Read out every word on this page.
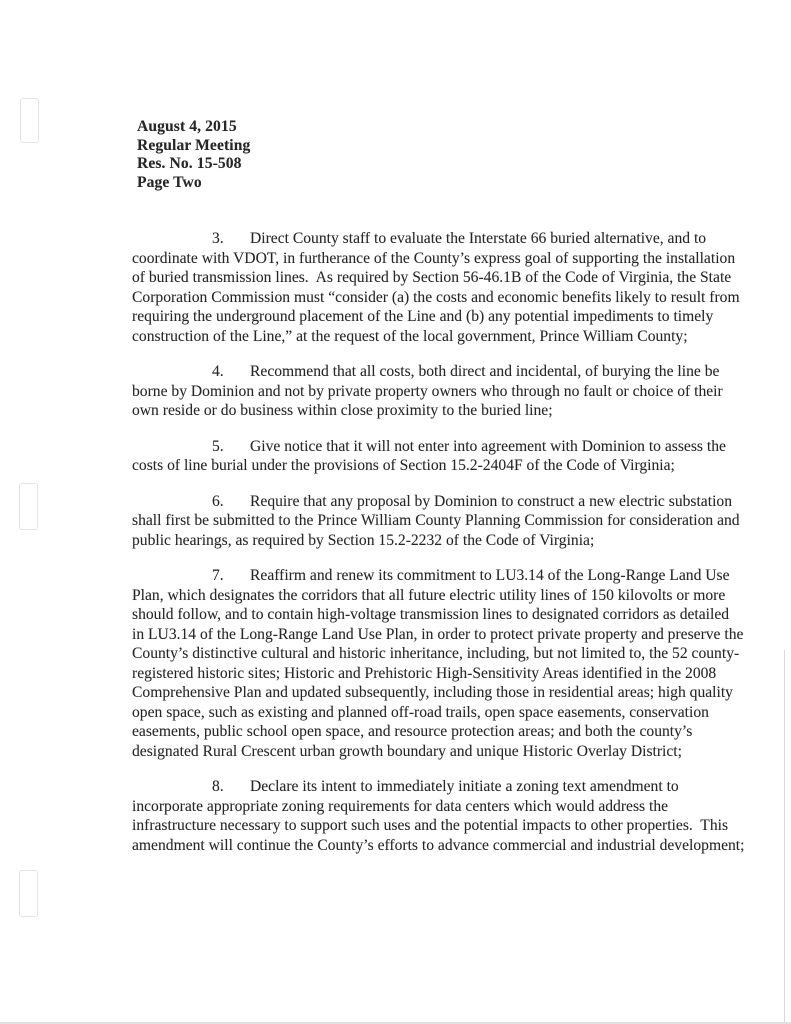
August 4, 2015
Regular Meeting
Res. No. 15-508
Page Two

3. Direct County staff to evaluate the Interstate 66 buried alternative, and to coordinate with VDOT, in furtherance of the County’s express goal of supporting the installation of buried transmission lines.  As required by Section 56-46.1B of the Code of Virginia, the State Corporation Commission must “consider (a) the costs and economic benefits likely to result from requiring the underground placement of the Line and (b) any potential impediments to timely construction of the Line,” at the request of the local government, Prince William County;

4. Recommend that all costs, both direct and incidental, of burying the line be borne by Dominion and not by private property owners who through no fault or choice of their own reside or do business within close proximity to the buried line;

5. Give notice that it will not enter into agreement with Dominion to assess the costs of line burial under the provisions of Section 15.2-2404F of the Code of Virginia;

6. Require that any proposal by Dominion to construct a new electric substation shall first be submitted to the Prince William County Planning Commission for consideration and public hearings, as required by Section 15.2-2232 of the Code of Virginia;

7. Reaffirm and renew its commitment to LU3.14 of the Long-Range Land Use Plan, which designates the corridors that all future electric utility lines of 150 kilovolts or more should follow, and to contain high-voltage transmission lines to designated corridors as detailed in LU3.14 of the Long-Range Land Use Plan, in order to protect private property and preserve the County’s distinctive cultural and historic inheritance, including, but not limited to, the 52 county-registered historic sites; Historic and Prehistoric High-Sensitivity Areas identified in the 2008 Comprehensive Plan and updated subsequently, including those in residential areas; high quality open space, such as existing and planned off-road trails, open space easements, conservation easements, public school open space, and resource protection areas; and both the county’s designated Rural Crescent urban growth boundary and unique Historic Overlay District;

8. Declare its intent to immediately initiate a zoning text amendment to incorporate appropriate zoning requirements for data centers which would address the infrastructure necessary to support such uses and the potential impacts to other properties.  This amendment will continue the County’s efforts to advance commercial and industrial development;
